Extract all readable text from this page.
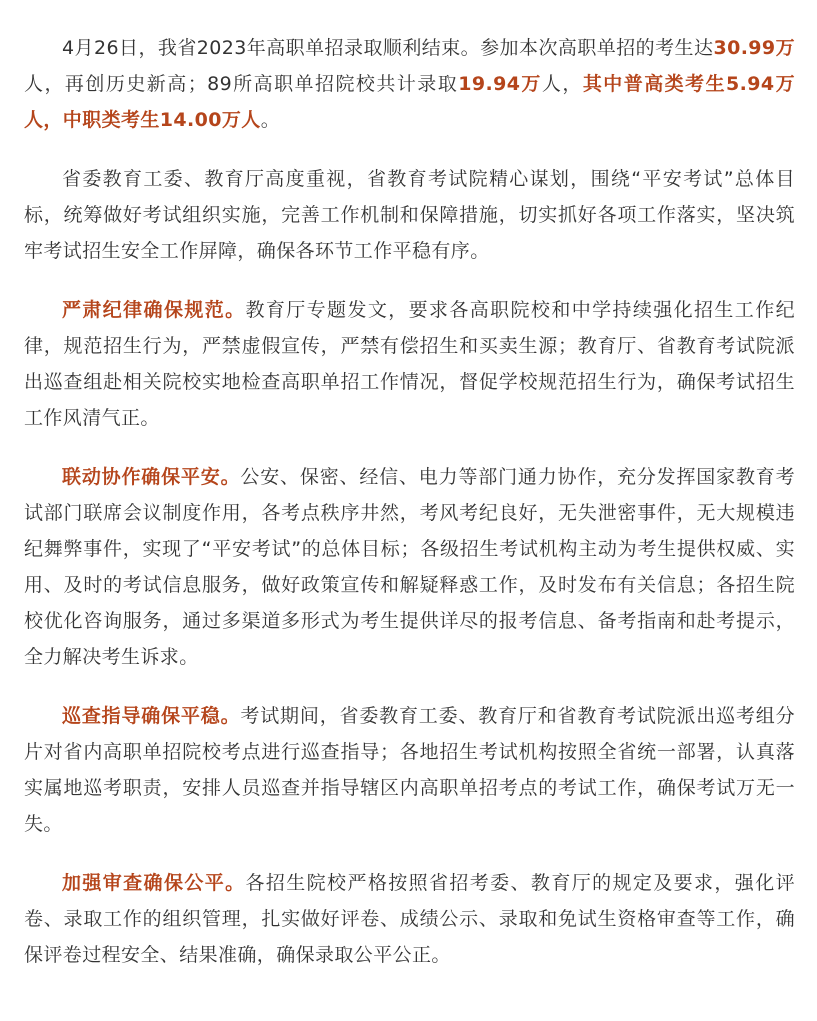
4月26日，我省2023年高职单招录取顺利结束。参加本次高职单招的考生达30.99万人，再创历史新高；89所高职单招院校共计录取19.94万人，其中普高类考生5.94万人，中职类考生14.00万人。

省委教育工委、教育厅高度重视，省教育考试院精心谋划，围绕“平安考试”总体目标，统筹做好考试组织实施，完善工作机制和保障措施，切实抓好各项工作落实，坚决筑牢考试招生安全工作屏障，确保各环节工作平稳有序。

严肃纪律确保规范。教育厅专题发文，要求各高职院校和中学持续强化招生工作纪律，规范招生行为，严禁虚假宣传，严禁有偿招生和买卖生源；教育厅、省教育考试院派出巡查组赴相关院校实地检查高职单招工作情况，督促学校规范招生行为，确保考试招生工作风清气正。

联动协作确保平安。公安、保密、经信、电力等部门通力协作，充分发挥国家教育考试部门联席会议制度作用，各考点秩序井然，考风考纪良好，无失泄密事件，无大规模违纪舞弊事件，实现了“平安考试”的总体目标；各级招生考试机构主动为考生提供权威、实用、及时的考试信息服务，做好政策宣传和解疑释惑工作，及时发布有关信息；各招生院校优化咨询服务，通过多渠道多形式为考生提供详尽的报考信息、备考指南和赴考提示，全力解决考生诉求。

巡查指导确保平稳。考试期间，省委教育工委、教育厅和省教育考试院派出巡考组分片对省内高职单招院校考点进行巡查指导；各地招生考试机构按照全省统一部署，认真落实属地巡考职责，安排人员巡查并指导辖区内高职单招考点的考试工作，确保考试万无一失。

加强审查确保公平。各招生院校严格按照省招考委、教育厅的规定及要求，强化评卷、录取工作的组织管理，扎实做好评卷、成绩公示、录取和免试生资格审查等工作，确保评卷过程安全、结果准确，确保录取公平公正。
